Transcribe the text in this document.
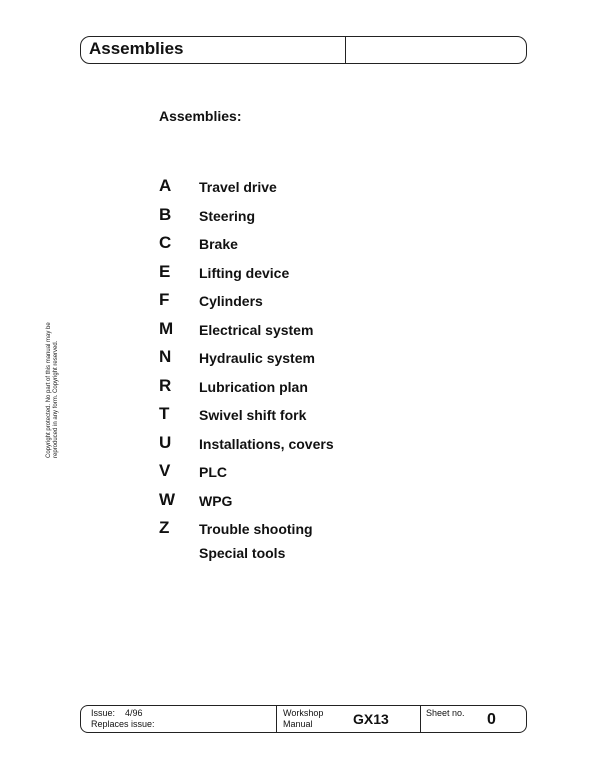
Assemblies
Assemblies:
A Travel drive
B Steering
C Brake
E Lifting device
F Cylinders
M Electrical system
N Hydraulic system
R Lubrication plan
T Swivel shift fork
U Installations, covers
V PLC
W WPG
Z Trouble shooting
Special tools
Copyright protected. No part of this manual may be reproduced in any form. Copyright reserved.
Issue: 4/96
Replaces issue:
Workshop
Manual	GX13	Sheet no. 0
